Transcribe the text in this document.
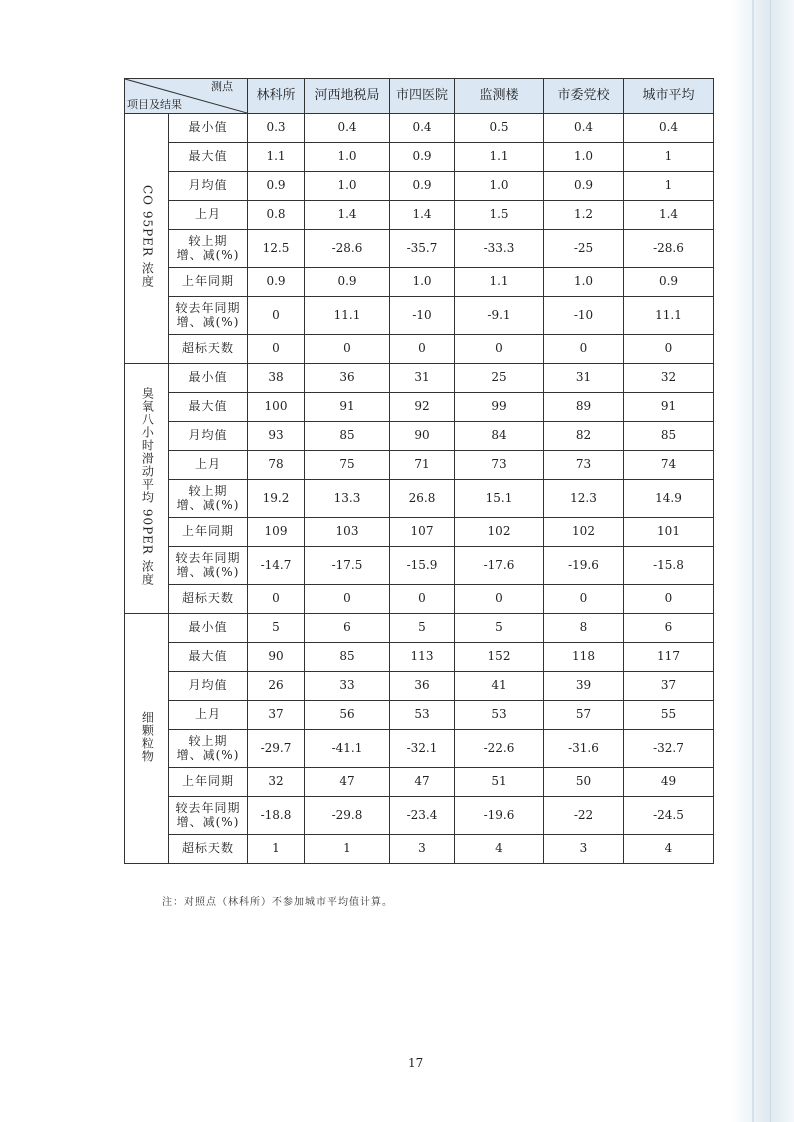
测点
项目及结果		林科所	河西地税局	市四医院	监测楼	市委党校	城市平均
CO 95PER 浓度	最小值	0.3	0.4	0.4	0.5	0.4	0.4
	最大值	1.1	1.0	0.9	1.1	1.0	1
	月均值	0.9	1.0	0.9	1.0	0.9	1
	上月	0.8	1.4	1.4	1.5	1.2	1.4

	较上期
增、减(%)	12.5	-28.6	-35.7	-33.3	-25	-28.6
	上年同期	0.9	0.9	1.0	1.1	1.0	0.9

	较去年同期
增、减(%)	0	11.1	-10	-9.1	-10	11.1
	超标天数	0	0	0	0	0	0
臭氧八小时滑动平均 90PER 浓度	最小值	38	36	31	25	31	32
	最大值	100	91	92	99	89	91
	月均值	93	85	90	84	82	85
	上月	78	75	71	73	73	74

	较上期
增、减(%)	19.2	13.3	26.8	15.1	12.3	14.9
	上年同期	109	103	107	102	102	101

	较去年同期
增、减(%)	-14.7	-17.5	-15.9	-17.6	-19.6	-15.8
	超标天数	0	0	0	0	0	0
细颗粒物	最小值	5	6	5	5	8	6
	最大值	90	85	113	152	118	117
	月均值	26	33	36	41	39	37
	上月	37	56	53	53	57	55

	较上期
增、减(%)	-29.7	-41.1	-32.1	-22.6	-31.6	-32.7
	上年同期	32	47	47	51	50	49

	较去年同期
增、减(%)	-18.8	-29.8	-23.4	-19.6	-22	-24.5
	超标天数	1	1	3	4	3	4
注：对照点（林科所）不参加城市平均值计算。
17
